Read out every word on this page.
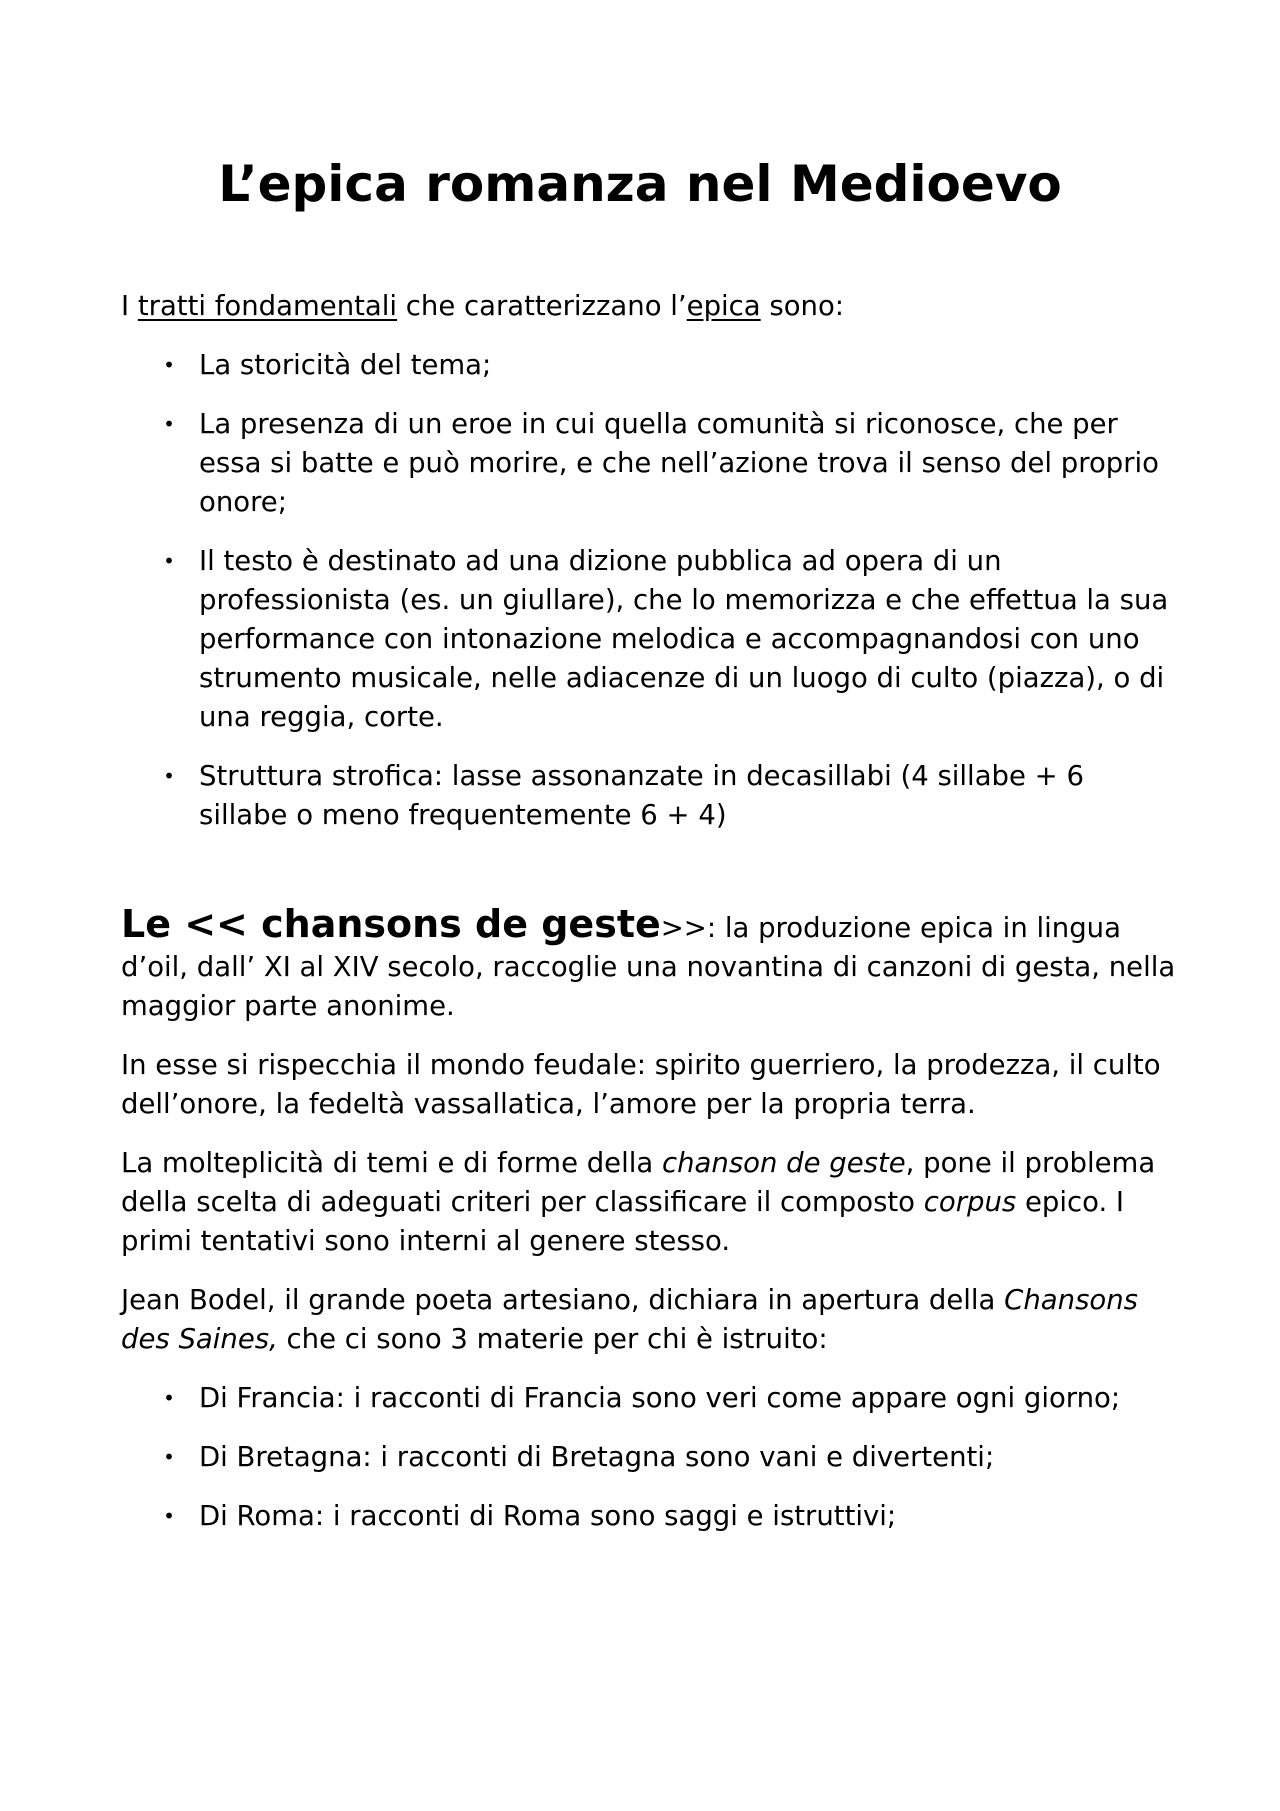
L’epica romanza nel Medioevo

I tratti fondamentali che caratterizzano l’epica sono:

• La storicità del tema;
• La presenza di un eroe in cui quella comunità si riconosce, che per essa si batte e può morire, e che nell’azione trova il senso del proprio onore;
• Il testo è destinato ad una dizione pubblica ad opera di un professionista (es. un giullare), che lo memorizza e che effettua la sua performance con intonazione melodica e accompagnandosi con uno strumento musicale, nelle adiacenze di un luogo di culto (piazza), o di una reggia, corte.
• Struttura strofica: lasse assonanzate in decasillabi (4 sillabe + 6 sillabe o meno frequentemente 6 + 4)

Le << chansons de geste>>: la produzione epica in lingua d’oil, dall’ XI al XIV secolo, raccoglie una novantina di canzoni di gesta, nella maggior parte anonime.

In esse si rispecchia il mondo feudale: spirito guerriero, la prodezza, il culto dell’onore, la fedeltà vassallatica, l’amore per la propria terra.

La molteplicità di temi e di forme della chanson de geste, pone il problema della scelta di adeguati criteri per classificare il composto corpus epico. I primi tentativi sono interni al genere stesso.

Jean Bodel, il grande poeta artesiano, dichiara in apertura della Chansons des Saines, che ci sono 3 materie per chi è istruito:

• Di Francia: i racconti di Francia sono veri come appare ogni giorno;
• Di Bretagna: i racconti di Bretagna sono vani e divertenti;
• Di Roma: i racconti di Roma sono saggi e istruttivi;
